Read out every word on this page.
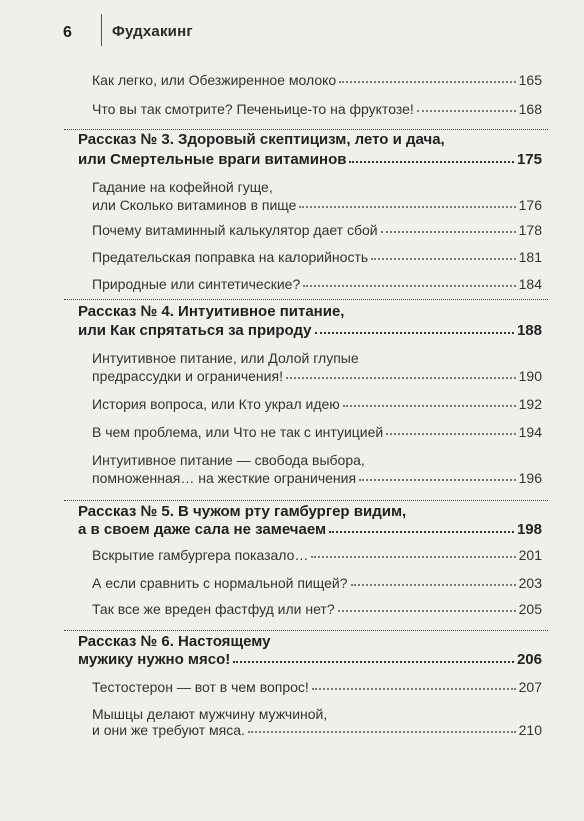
6	Фудхакинг
Как легко, или Обезжиренное молоко	165
Что вы так смотрите? Печеньице-то на фруктозе!	168
Рассказ № 3. Здоровый скептицизм, лето и дача,
или Смертельные враги витаминов	175
Гадание на кофейной гуще,
или Сколько витаминов в пище	176
Почему витаминный калькулятор дает сбой	178
Предательская поправка на калорийность	181
Природные или синтетические?	184
Рассказ № 4. Интуитивное питание,
или Как спрятаться за природу	188
Интуитивное питание, или Долой глупые
предрассудки и ограничения!	190
История вопроса, или Кто украл идею	192
В чем проблема, или Что не так с интуицией	194
Интуитивное питание — свобода выбора,
помноженная… на жесткие ограничения	196
Рассказ № 5. В чужом рту гамбургер видим,
а в своем даже сала не замечаем	198
Вскрытие гамбургера показало…	201
А если сравнить с нормальной пищей?	203
Так все же вреден фастфуд или нет?	205
Рассказ № 6. Настоящему
мужику нужно мясо!	206
Тестостерон — вот в чем вопрос!	207
Мышцы делают мужчину мужчиной,
и они же требуют мяса.	210
